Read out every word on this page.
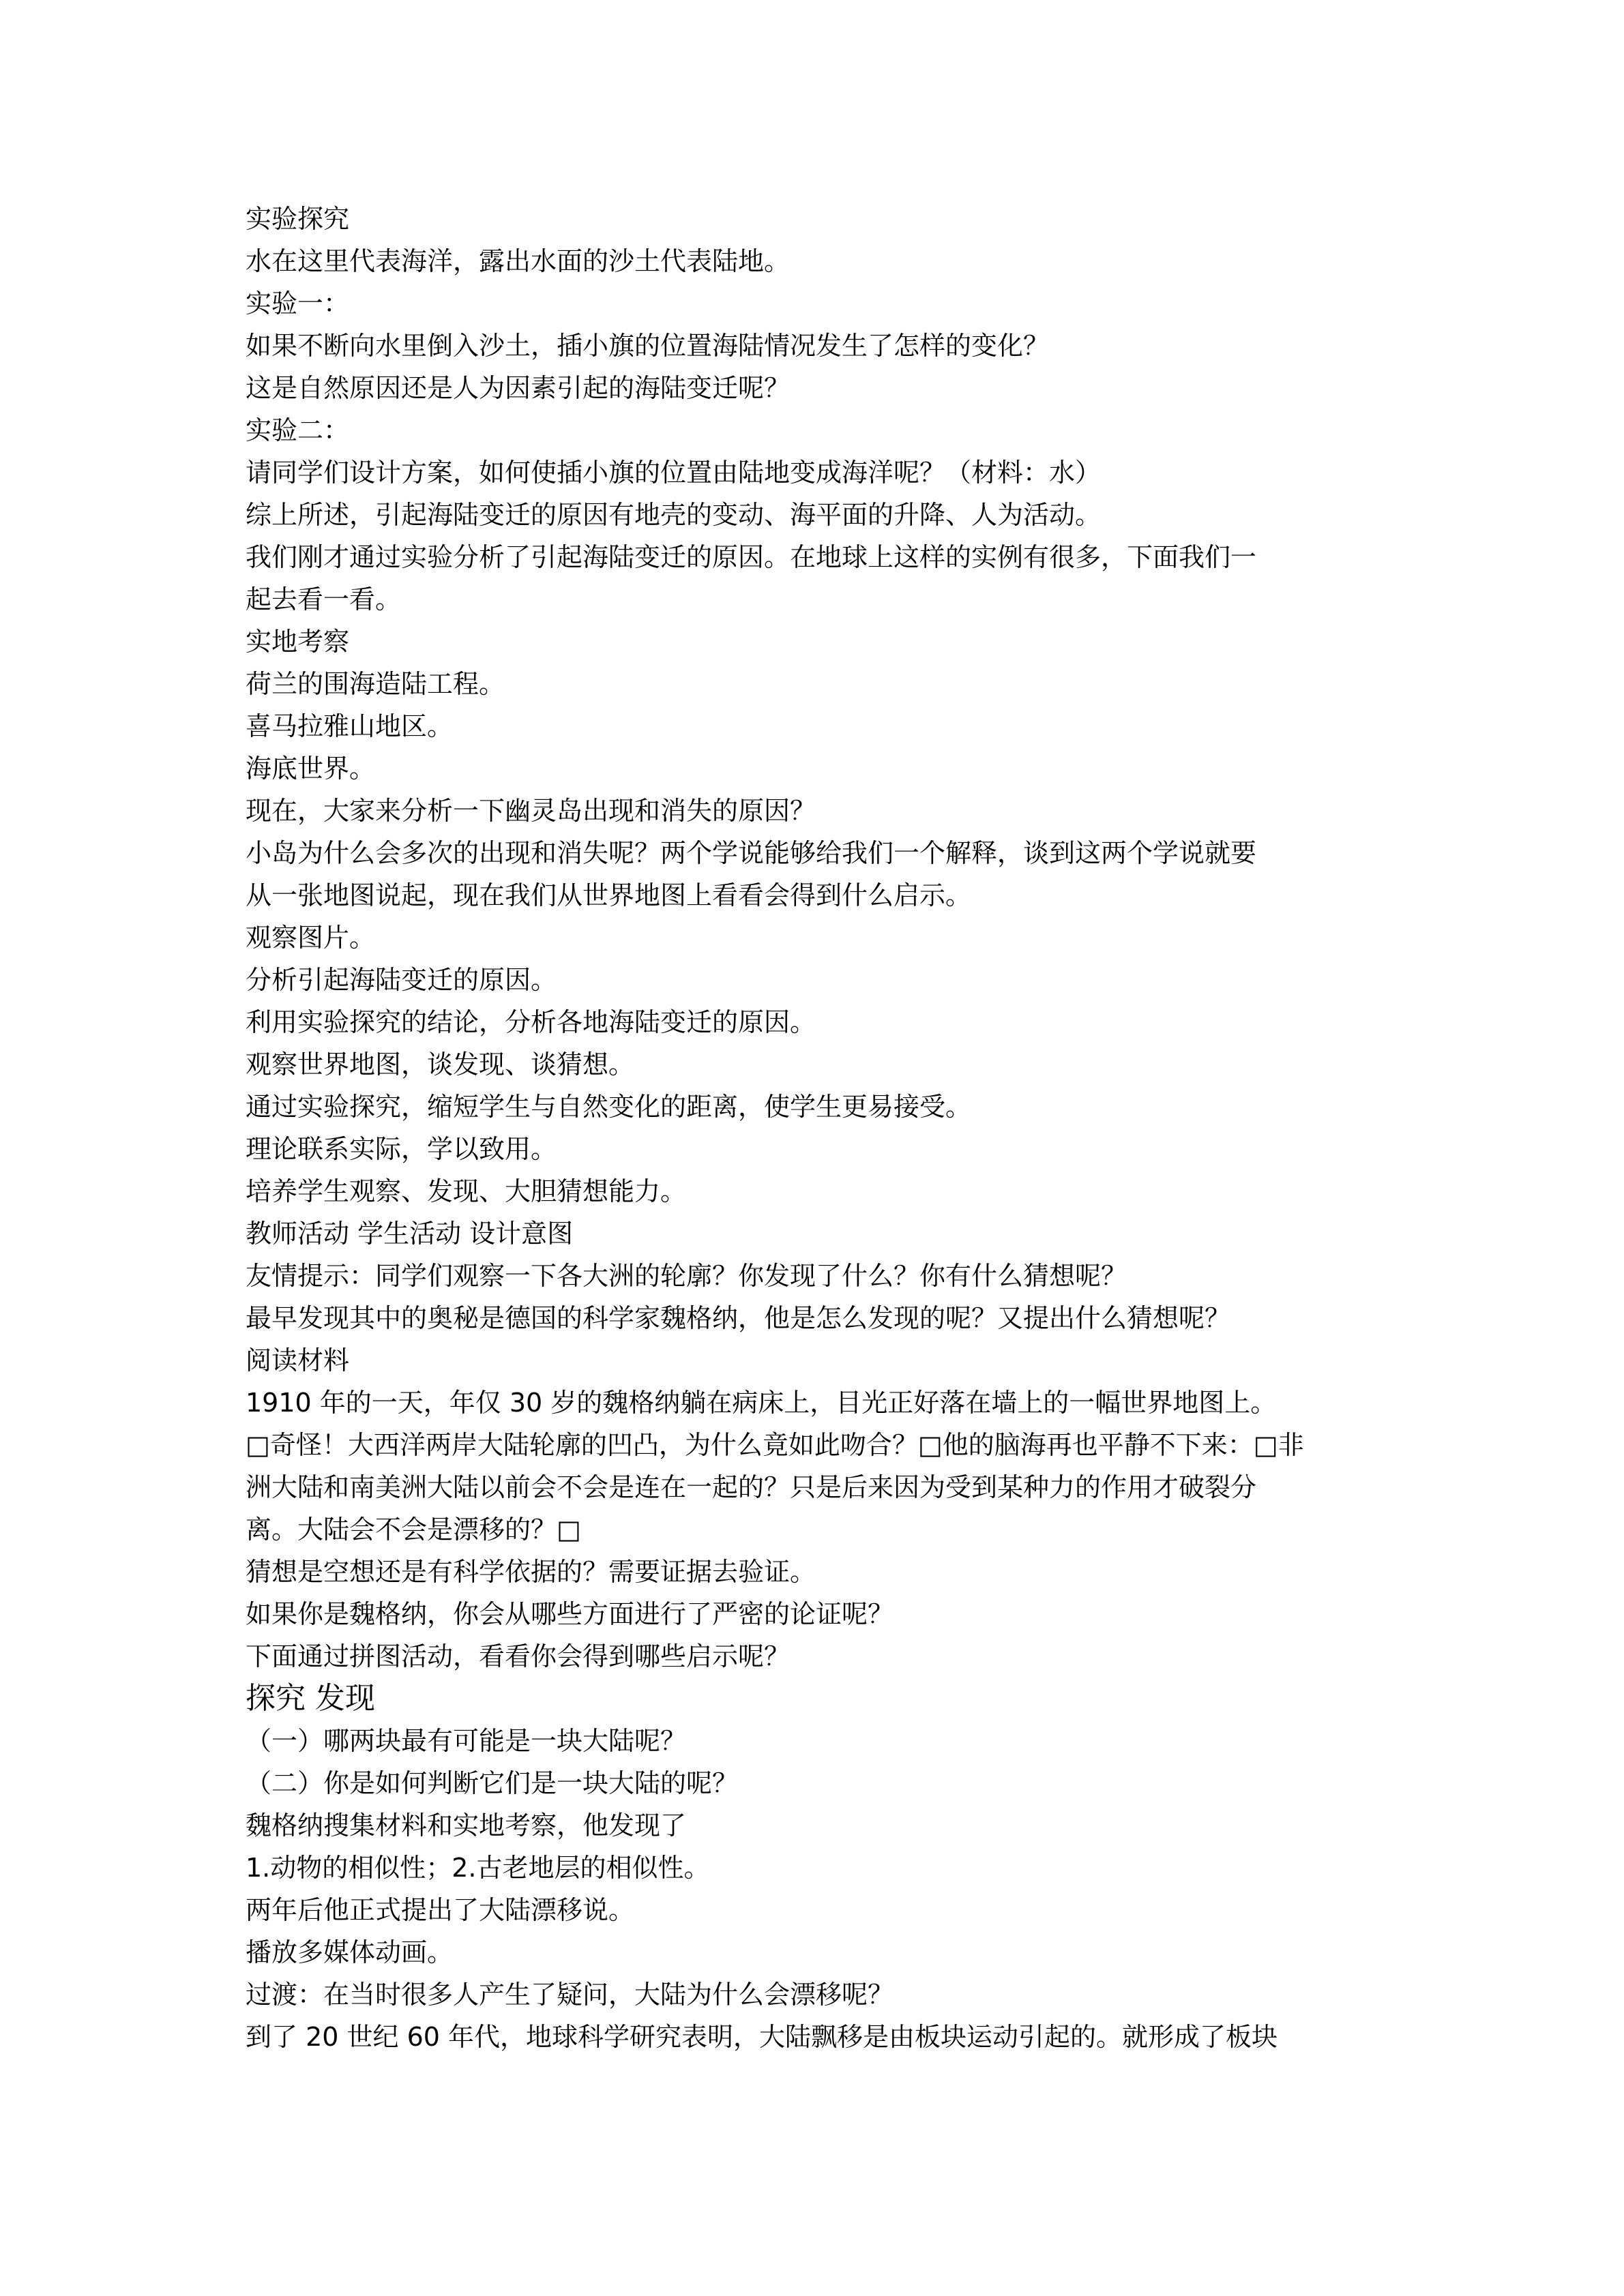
实验探究
水在这里代表海洋，露出水面的沙土代表陆地。
实验一：
如果不断向水里倒入沙土，插小旗的位置海陆情况发生了怎样的变化？
这是自然原因还是人为因素引起的海陆变迁呢？
实验二：
请同学们设计方案，如何使插小旗的位置由陆地变成海洋呢？（材料：水）
综上所述，引起海陆变迁的原因有地壳的变动、海平面的升降、人为活动。
我们刚才通过实验分析了引起海陆变迁的原因。在地球上这样的实例有很多，下面我们一
起去看一看。
实地考察
荷兰的围海造陆工程。
喜马拉雅山地区。
海底世界。
现在，大家来分析一下幽灵岛出现和消失的原因？
小岛为什么会多次的出现和消失呢？两个学说能够给我们一个解释，谈到这两个学说就要
从一张地图说起，现在我们从世界地图上看看会得到什么启示。
观察图片。
分析引起海陆变迁的原因。
利用实验探究的结论，分析各地海陆变迁的原因。
观察世界地图，谈发现、谈猜想。
通过实验探究，缩短学生与自然变化的距离，使学生更易接受。
理论联系实际，学以致用。
培养学生观察、发现、大胆猜想能力。
教师活动 学生活动 设计意图
友情提示：同学们观察一下各大洲的轮廓？你发现了什么？你有什么猜想呢？
最早发现其中的奥秘是德国的科学家魏格纳，他是怎么发现的呢？又提出什么猜想呢？
阅读材料
1910 年的一天，年仅 30 岁的魏格纳躺在病床上，目光正好落在墙上的一幅世界地图上。
□奇怪！大西洋两岸大陆轮廓的凹凸，为什么竟如此吻合？□他的脑海再也平静不下来：□非
洲大陆和南美洲大陆以前会不会是连在一起的？只是后来因为受到某种力的作用才破裂分
离。大陆会不会是漂移的？□
猜想是空想还是有科学依据的？需要证据去验证。
如果你是魏格纳，你会从哪些方面进行了严密的论证呢？
下面通过拼图活动，看看你会得到哪些启示呢？
探究 发现
（一）哪两块最有可能是一块大陆呢？
（二）你是如何判断它们是一块大陆的呢？
魏格纳搜集材料和实地考察，他发现了
1.动物的相似性；2.古老地层的相似性。
两年后他正式提出了大陆漂移说。
播放多媒体动画。
过渡：在当时很多人产生了疑问，大陆为什么会漂移呢？
到了 20 世纪 60 年代，地球科学研究表明，大陆飘移是由板块运动引起的。就形成了板块
